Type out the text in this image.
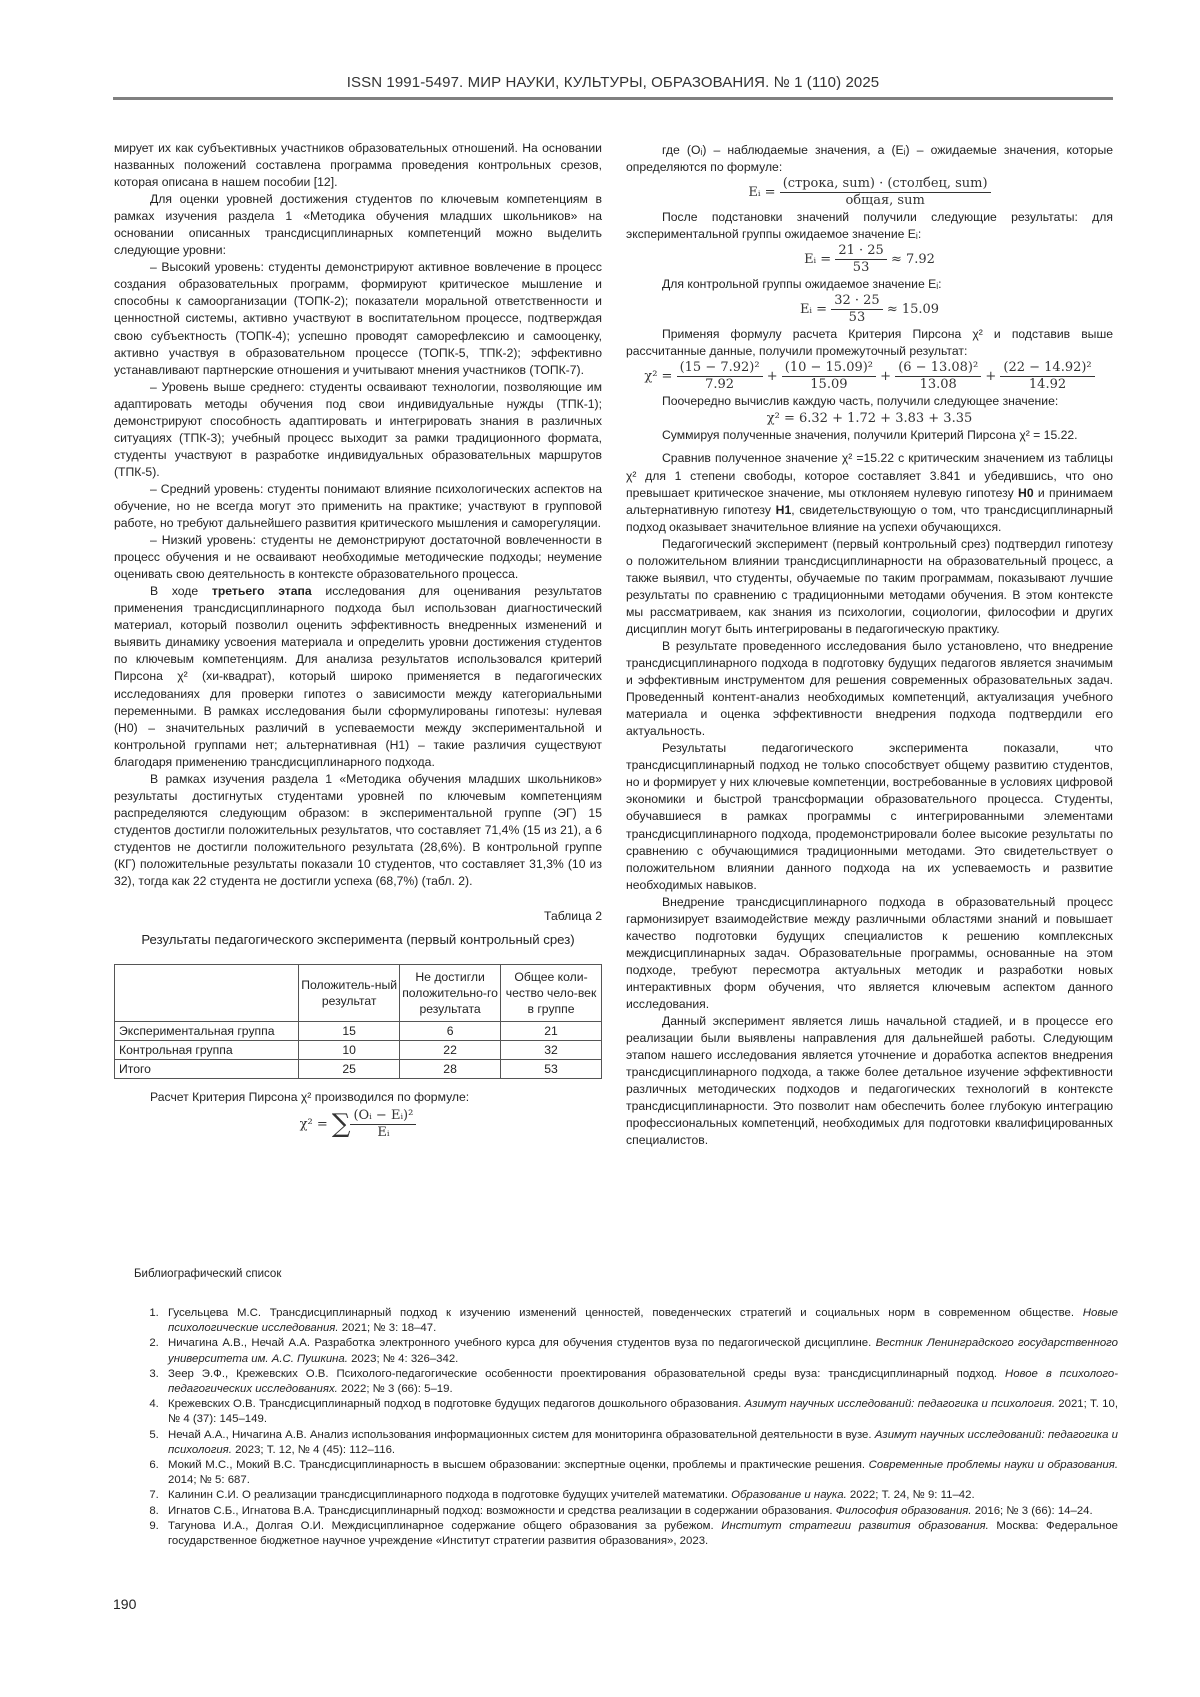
ISSN 1991-5497. МИР НАУКИ, КУЛЬТУРЫ, ОБРАЗОВАНИЯ. № 1 (110) 2025

мирует их как субъективных участников образовательных отношений. На основании названных положений составлена программа проведения контрольных срезов, которая описана в нашем пособии [12].

Для оценки уровней достижения студентов по ключевым компетенциям в рамках изучения раздела 1 «Методика обучения младших школьников» на основании описанных трансдисциплинарных компетенций можно выделить следующие уровни:

– Высокий уровень: студенты демонстрируют активное вовлечение в процесс создания образовательных программ, формируют критическое мышление и способны к самоорганизации (ТОПК-2); показатели моральной ответственности и ценностной системы, активно участвуют в воспитательном процессе, подтверждая свою субъектность (ТОПК-4); успешно проводят саморефлексию и самооценку, активно участвуя в образовательном процессе (ТОПК-5, ТПК-2); эффективно устанавливают партнерские отношения и учитывают мнения участников (ТОПК-7).

– Уровень выше среднего: студенты осваивают технологии, позволяющие им адаптировать методы обучения под свои индивидуальные нужды (ТПК-1); демонстрируют способность адаптировать и интегрировать знания в различных ситуациях (ТПК-3); учебный процесс выходит за рамки традиционного формата, студенты участвуют в разработке индивидуальных образовательных маршрутов (ТПК-5).

– Средний уровень: студенты понимают влияние психологических аспектов на обучение, но не всегда могут это применить на практике; участвуют в групповой работе, но требуют дальнейшего развития критического мышления и саморегуляции.

– Низкий уровень: студенты не демонстрируют достаточной вовлеченности в процесс обучения и не осваивают необходимые методические подходы; неумение оценивать свою деятельность в контексте образовательного процесса.

В ходе третьего этапа исследования для оценивания результатов применения трансдисциплинарного подхода был использован диагностический материал, который позволил оценить эффективность внедренных изменений и выявить динамику усвоения материала и определить уровни достижения студентов по ключевым компетенциям. Для анализа результатов использовался критерий Пирсона χ² (хи-квадрат), который широко применяется в педагогических исследованиях для проверки гипотез о зависимости между категориальными переменными. В рамках исследования были сформулированы гипотезы: нулевая (H0) – значительных различий в успеваемости между экспериментальной и контрольной группами нет; альтернативная (H1) – такие различия существуют благодаря применению трансдисциплинарного подхода.

В рамках изучения раздела 1 «Методика обучения младших школьников» результаты достигнутых студентами уровней по ключевым компетенциям распределяются следующим образом: в экспериментальной группе (ЭГ) 15 студентов достигли положительных результатов, что составляет 71,4% (15 из 21), а 6 студентов не достигли положительного результата (28,6%). В контрольной группе (КГ) положительные результаты показали 10 студентов, что составляет 31,3% (10 из 32), тогда как 22 студента не достигли успеха (68,7%) (табл. 2).

Таблица 2
Результаты педагогического эксперимента (первый контрольный срез)
	Положитель-ный результат	Не достигли положительно-го результата	Общее коли-чество чело-век в группе
Экспериментальная группа	15	6	21
Контрольная группа	10	22	32
Итого	25	28	53

Расчет Критерия Пирсона χ² производился по формуле:

χ² = ∑ $\frac{\text{(Oᵢ − Eᵢ)²}}{\text{Eᵢ}}$

где (Oᵢ) – наблюдаемые значения, а (Eᵢ) – ожидаемые значения, которые определяются по формуле:

Eᵢ = $\frac{\text{(строка, sum) · (столбец, sum)}}{\text{общая, sum}}$

После подстановки значений получили следующие результаты: для экспериментальной группы ожидаемое значение Eᵢ:

Eᵢ = $\frac{21 \cdot 25}{53} \approx 7.92$

Для контрольной группы ожидаемое значение Eᵢ:

Eᵢ = $\frac{32 \cdot 25}{53} \approx 15.09$

Применяя формулу расчета Критерия Пирсона χ² и подставив выше рассчитанные данные, получили промежуточный результат:

$\chi^2 = \frac{\text{(15 − 7.92)²}}{7.92} + \frac{\text{(10 − 15.09)²}}{15.09} + \frac{\text{(6 − 13.08)²}}{13.08} + \frac{\text{(22 − 14.92)²}}{14.92}$

Поочередно вычислив каждую часть, получили следующее значение:

χ² = 6.32 + 1.72 + 3.83 + 3.35

Суммируя полученные значения, получили Критерий Пирсона χ² = 15.22.

Сравнив полученное значение χ² =15.22 с критическим значением из таблицы χ² для 1 степени свободы, которое составляет 3.841 и убедившись, что оно превышает критическое значение, мы отклоняем нулевую гипотезу H0 и принимаем альтернативную гипотезу H1, свидетельствующую о том, что трансдисциплинарный подход оказывает значительное влияние на успехи обучающихся.

Педагогический эксперимент (первый контрольный срез) подтвердил гипотезу о положительном влиянии трансдисциплинарности на образовательный процесс, а также выявил, что студенты, обучаемые по таким программам, показывают лучшие результаты по сравнению с традиционными методами обучения. В этом контексте мы рассматриваем, как знания из психологии, социологии, философии и других дисциплин могут быть интегрированы в педагогическую практику.

В результате проведенного исследования было установлено, что внедрение трансдисциплинарного подхода в подготовку будущих педагогов является значимым и эффективным инструментом для решения современных образовательных задач. Проведенный контент-анализ необходимых компетенций, актуализация учебного материала и оценка эффективности внедрения подхода подтвердили его актуальность.

Результаты педагогического эксперимента показали, что трансдисциплинарный подход не только способствует общему развитию студентов, но и формирует у них ключевые компетенции, востребованные в условиях цифровой экономики и быстрой трансформации образовательного процесса. Студенты, обучавшиеся в рамках программы с интегрированными элементами трансдисциплинарного подхода, продемонстрировали более высокие результаты по сравнению с обучающимися традиционными методами. Это свидетельствует о положительном влиянии данного подхода на их успеваемость и развитие необходимых навыков.

Внедрение трансдисциплинарного подхода в образовательный процесс гармонизирует взаимодействие между различными областями знаний и повышает качество подготовки будущих специалистов к решению комплексных междисциплинарных задач. Образовательные программы, основанные на этом подходе, требуют пересмотра актуальных методик и разработки новых интерактивных форм обучения, что является ключевым аспектом данного исследования.

Данный эксперимент является лишь начальной стадией, и в процессе его реализации были выявлены направления для дальнейшей работы. Следующим этапом нашего исследования является уточнение и доработка аспектов внедрения трансдисциплинарного подхода, а также более детальное изучение эффективности различных методических подходов и педагогических технологий в контексте трансдисциплинарности. Это позволит нам обеспечить более глубокую интеграцию профессиональных компетенций, необходимых для подготовки квалифицированных специалистов.

Библиографический список
1. Гусельцева М.С. Трансдисциплинарный подход к изучению изменений ценностей, поведенческих стратегий и социальных норм в современном обществе. Новые психологические исследования. 2021; № 3: 18–47.
2. Ничагина А.В., Нечай А.А. Разработка электронного учебного курса для обучения студентов вуза по педагогической дисциплине. Вестник Ленинградского государственного университета им. А.С. Пушкина. 2023; № 4: 326–342.
3. Зеер Э.Ф., Крежевских О.В. Психолого-педагогические особенности проектирования образовательной среды вуза: трансдисциплинарный подход. Новое в психолого-педагогических исследованиях. 2022; № 3 (66): 5–19.
4. Крежевских О.В. Трансдисциплинарный подход в подготовке будущих педагогов дошкольного образования. Азимут научных исследований: педагогика и психология. 2021; Т. 10, № 4 (37): 145–149.
5. Нечай А.А., Ничагина А.В. Анализ использования информационных систем для мониторинга образовательной деятельности в вузе. Азимут научных исследований: педагогика и психология. 2023; Т. 12, № 4 (45): 112–116.
6. Мокий М.С., Мокий В.С. Трансдисциплинарность в высшем образовании: экспертные оценки, проблемы и практические решения. Современные проблемы науки и образования. 2014; № 5: 687.
7. Калинин С.И. О реализации трансдисциплинарного подхода в подготовке будущих учителей математики. Образование и наука. 2022; Т. 24, № 9: 11–42.
8. Игнатов С.Б., Игнатова В.А. Трансдисциплинарный подход: возможности и средства реализации в содержании образования. Философия образования. 2016; № 3 (66): 14–24.
9. Тагунова И.А., Долгая О.И. Междисциплинарное содержание общего образования за рубежом. Институт стратегии развития образования. Москва: Федеральное государственное бюджетное научное учреждение «Институт стратегии развития образования», 2023.
190
